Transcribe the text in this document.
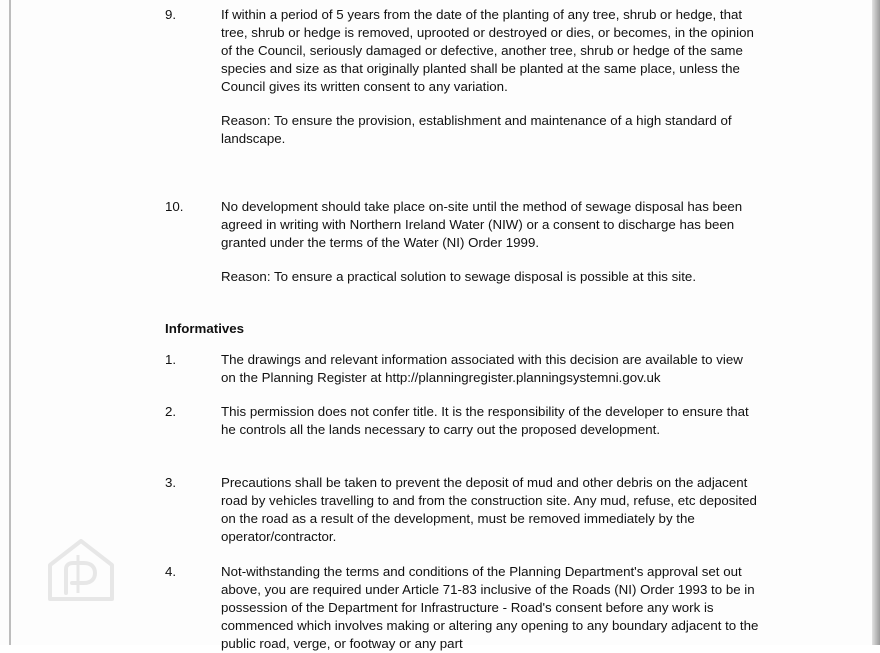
9.	If within a period of 5 years from the date of the planting of any tree, shrub or hedge, that tree, shrub or hedge is removed, uprooted or destroyed or dies, or becomes, in the opinion of the Council, seriously damaged or defective, another tree, shrub or hedge of the same species and size as that originally planted shall be planted at the same place, unless the Council gives its written consent to any variation.

Reason: To ensure the provision, establishment and maintenance of a high standard of landscape.

10.	No development should take place on-site until the method of sewage disposal has been agreed in writing with Northern Ireland Water (NIW) or a consent to discharge has been granted under the terms of the Water (NI) Order 1999.

Reason: To ensure a practical solution to sewage disposal is possible at this site.

Informatives

1.	The drawings and relevant information associated with this decision are available to view on the Planning Register at http://planningregister.planningsystemni.gov.uk

2.	This permission does not confer title. It is the responsibility of the developer to ensure that he controls all the lands necessary to carry out the proposed development.

3.	Precautions shall be taken to prevent the deposit of mud and other debris on the adjacent road by vehicles travelling to and from the construction site. Any mud, refuse, etc deposited on the road as a result of the development, must be removed immediately by the operator/contractor.

4.	Not-withstanding the terms and conditions of the Planning Department's approval set out above, you are required under Article 71-83 inclusive of the Roads (NI) Order 1993 to be in possession of the Department for Infrastructure - Road's consent before any work is commenced which involves making or altering any opening to any boundary adjacent to the public road, verge, or footway or any part
